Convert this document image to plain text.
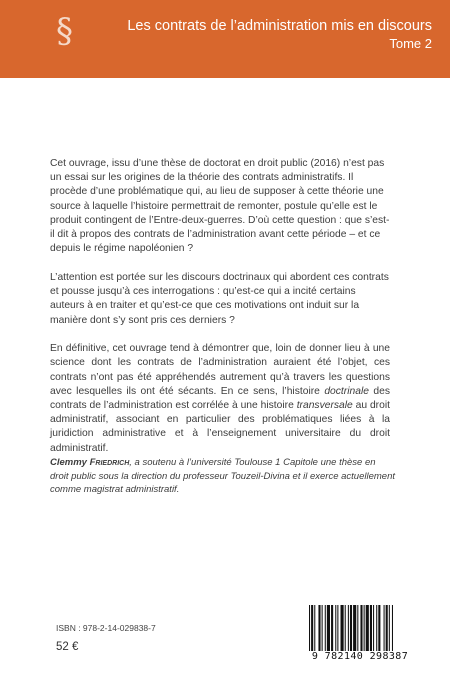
§	Les contrats de l’administration mis en discours
Tome 2

Cet ouvrage, issu d’une thèse de doctorat en droit public (2016) n’est pas un essai sur les origines de la théorie des contrats administratifs. Il procède d’une problématique qui, au lieu de supposer à cette théorie une source à laquelle l’histoire permettrait de remonter, postule qu’elle est le produit contingent de l’Entre-deux-guerres. D’où cette question : que s’est-il dit à propos des contrats de l’administration avant cette période – et ce depuis le régime napoléonien ?

L’attention est portée sur les discours doctrinaux qui abordent ces contrats et pousse jusqu’à ces interrogations : qu’est-ce qui a incité certains auteurs à en traiter et qu’est-ce que ces motivations ont induit sur la manière dont s’y sont pris ces derniers ?

En définitive, cet ouvrage tend à démontrer que, loin de donner lieu à une science dont les contrats de l’administration auraient été l’objet, ces contrats n’ont pas été appréhendés autrement qu’à travers les questions avec lesquelles ils ont été sécants. En ce sens, l’histoire doctrinale des contrats de l’administration est corrélée à une histoire transversale au droit administratif, associant en particulier des problématiques liées à la juridiction administrative et à l’enseignement universitaire du droit administratif.

Clemmy Friedrich, a soutenu à l’université Toulouse 1 Capitole une thèse en droit public sous la direction du professeur Touzeil-Divina et il exerce actuellement comme magistrat administratif.
ISBN : 978-2-14-029838-7
52 €
9 782140 298387
